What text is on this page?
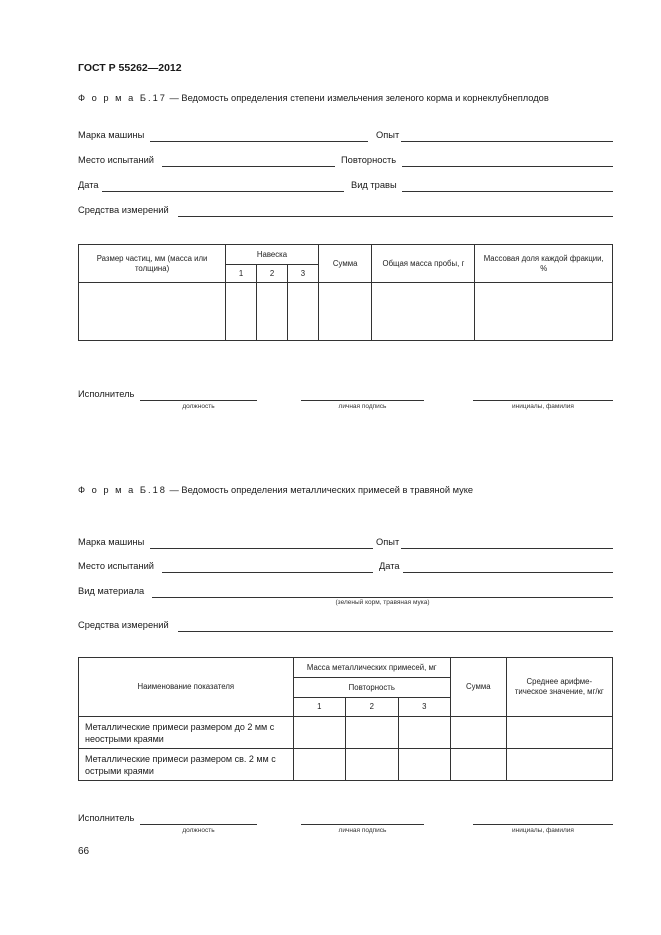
ГОСТ Р 55262—2012
Ф о р м а Б.17 — Ведомость определения степени измельчения зеленого корма и корнеклубнеплодов
Марка машины	Опыт
Место испытаний	Повторность
Дата	Вид травы
Средства измерений
Размер частиц, мм (масса или толщина)	Навеска			Сумма	Общая масса пробы, г	Массовая доля каждой фракции, %
	1	2	3			

Исполнитель
должность	личная подпись	инициалы, фамилия
Ф о р м а Б.18 — Ведомость определения металлических примесей в травяной муке
Марка машины	Опыт
Место испытаний	Дата
Вид материала
(зеленый корм, травяная мука)
Средства измерений
Наименование показателя	Масса металлических примесей, мг			Сумма	Среднее арифме-тическое значение, мг/кг
	Повторность				
	1	2	3		
Металлические примеси размером до 2 мм с неострыми краями					
Металлические примеси размером св. 2 мм с острыми краями					
Исполнитель
должность	личная подпись	инициалы, фамилия
66
